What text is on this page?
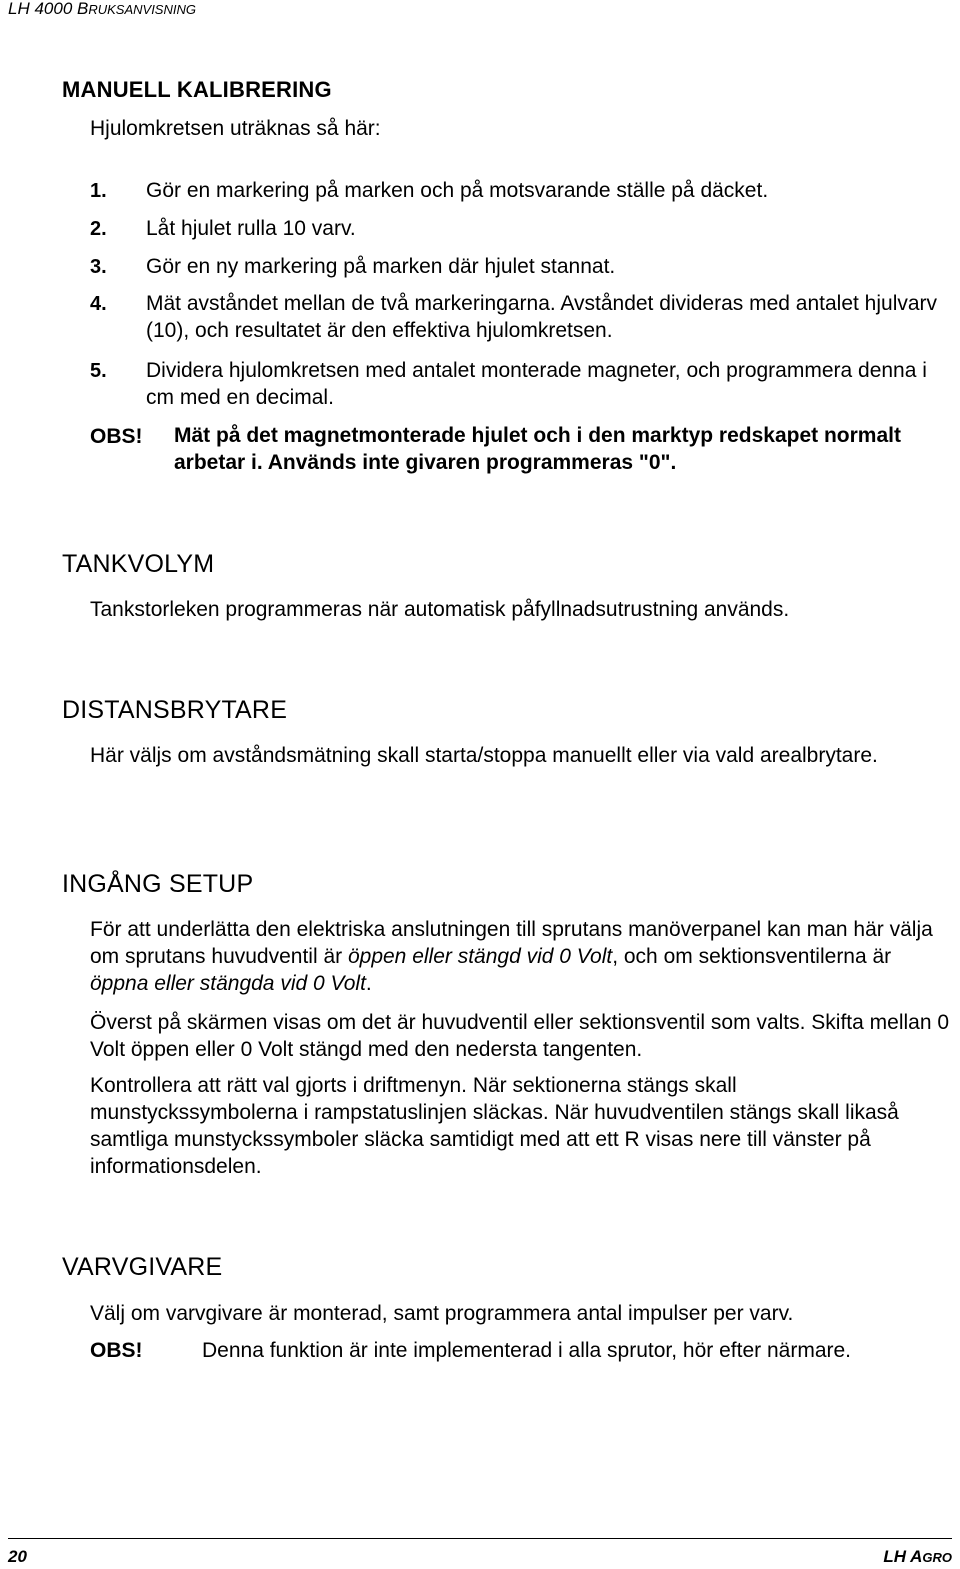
LH 4000 BRUKSANVISNING
MANUELL KALIBRERING
Hjulomkretsen uträknas så här:
1. Gör en markering på marken och på motsvarande ställe på däcket.
2. Låt hjulet rulla 10 varv.
3. Gör en ny markering på marken där hjulet stannat.
4. Mät avståndet mellan de två markeringarna. Avståndet divideras med antalet hjulvarv (10), och resultatet är den effektiva hjulomkretsen.
5. Dividera hjulomkretsen med antalet monterade magneter, och programmera denna i cm med en decimal.
OBS! Mät på det magnetmonterade hjulet och i den marktyp redskapet normalt arbetar i. Används inte givaren programmeras "0".
TANKVOLYM
Tankstorleken programmeras när automatisk påfyllnadsutrustning används.
DISTANSBRYTARE
Här väljs om avståndsmätning skall starta/stoppa manuellt eller via vald arealbrytare.
INGÅNG SETUP
För att underlätta den elektriska anslutningen till sprutans manöverpanel kan man här välja om sprutans huvudventil är öppen eller stängd vid 0 Volt, och om sektionsventilerna är öppna eller stängda vid 0 Volt.
Överst på skärmen visas om det är huvudventil eller sektionsventil som valts. Skifta mellan 0 Volt öppen eller 0 Volt stängd med den nedersta tangenten.
Kontrollera att rätt val gjorts i driftmenyn. När sektionerna stängs skall munstyckssymbolerna i rampstatuslinjen släckas. När huvudventilen stängs skall likaså samtliga munstyckssymboler släcka samtidigt med att ett R visas nere till vänster på informationsdelen.
VARVGIVARE
Välj om varvgivare är monterad, samt programmera antal impulser per varv.
OBS!	Denna funktion är inte implementerad i alla sprutor, hör efter närmare.
20	LH AGRO
